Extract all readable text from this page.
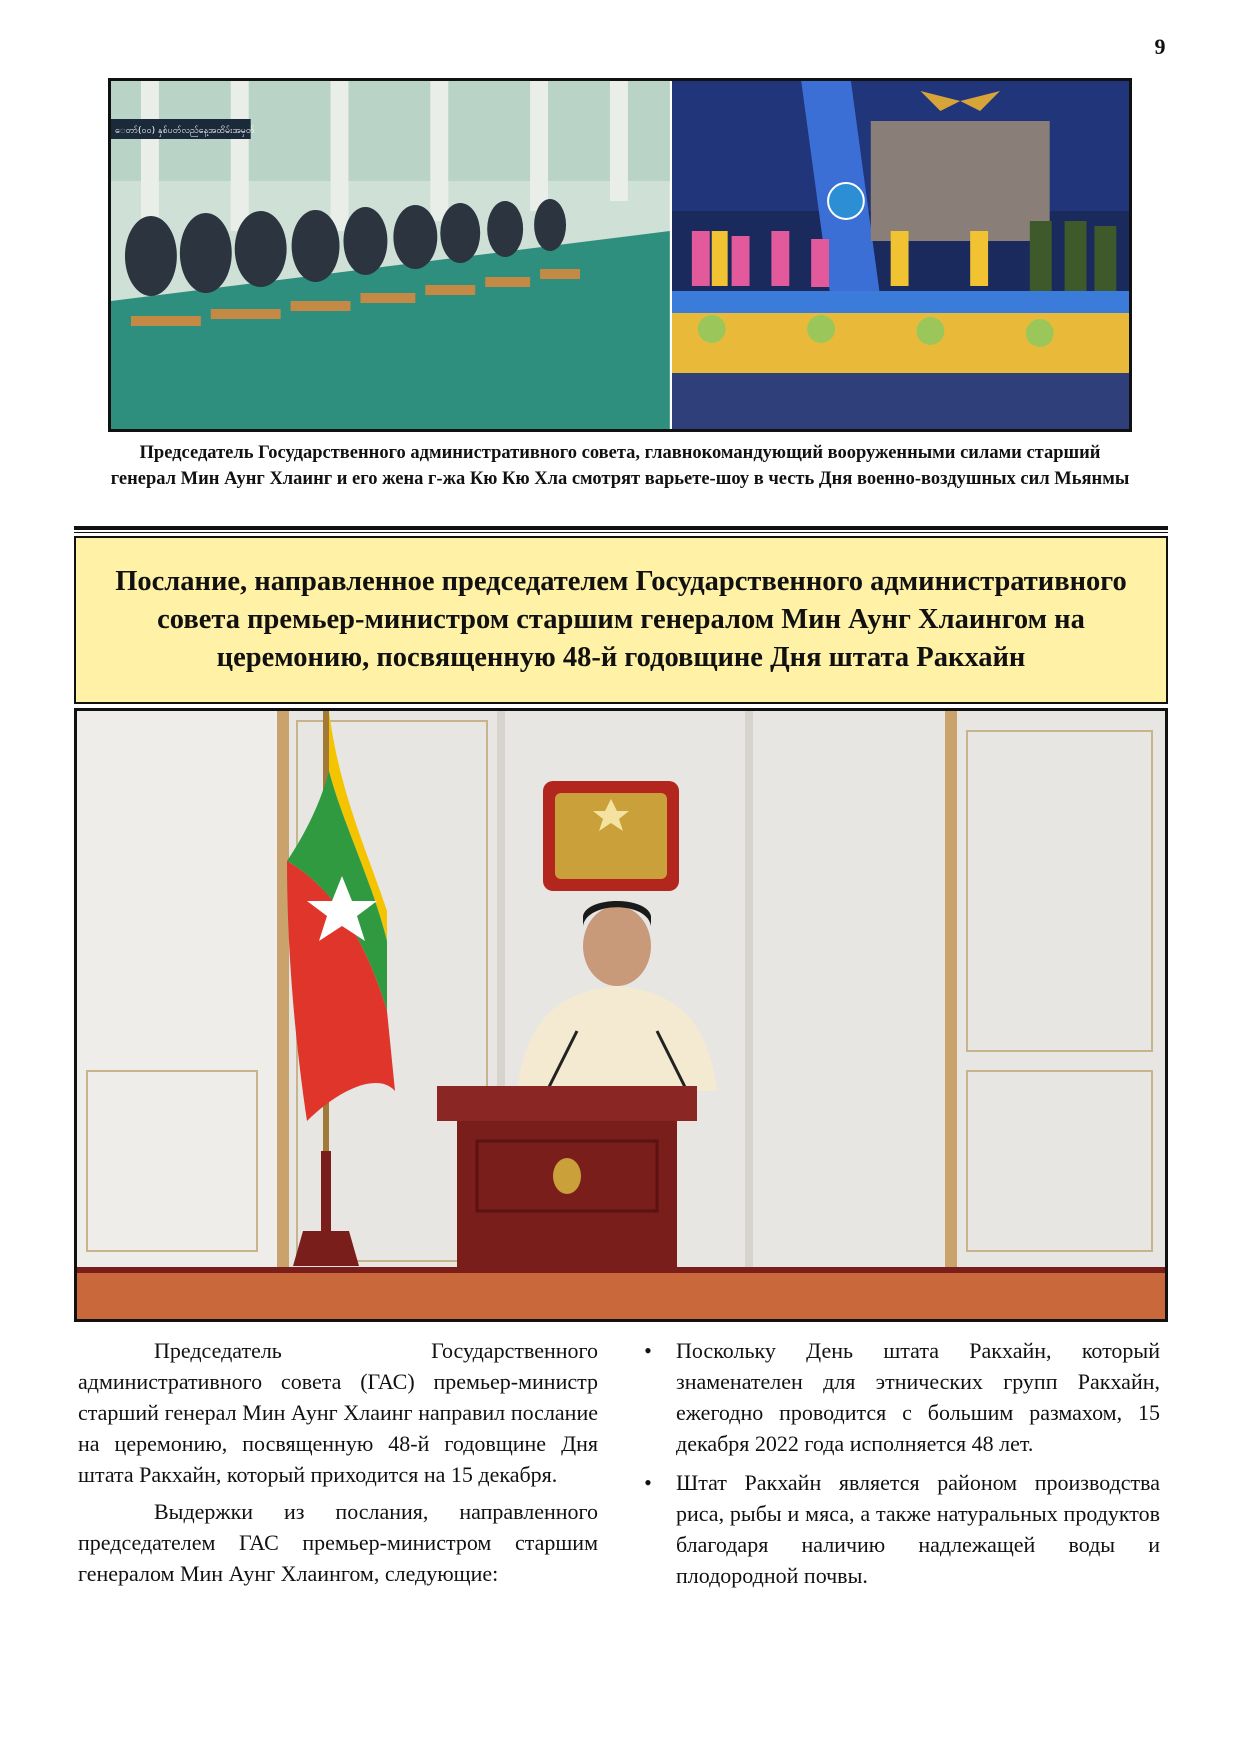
9
ေတာ်(၀၀) နှစ်ပတ်လည်နေ့အထိမ်းအမှတ်
Председатель Государственного административного совета, главнокомандующий вооруженными силами старший генерал Мин Аунг Хлаинг и его жена г-жа Кю Кю Хла смотрят варьете-шоу в честь Дня военно-воздушных сил Мьянмы
Послание, направленное председателем Государственного административного совета премьер-министром старшим генералом Мин Аунг Хлаингом на церемонию, посвященную 48-й годовщине Дня штата Ракхайн

Председатель Государственного административного совета (ГАС) премьер-министр старший генерал Мин Аунг Хлаинг направил послание на церемонию, посвященную 48-й годовщине Дня штата Ракхайн, который приходится на 15 декабря.

Выдержки из послания, направленного председателем ГАС премьер-министром старшим генералом Мин Аунг Хлаингом, следующие:

• Поскольку День штата Ракхайн, который знаменателен для этнических групп Ракхайн, ежегодно проводится с большим размахом, 15 декабря 2022 года исполняется 48 лет.
• Штат Ракхайн является районом производства риса, рыбы и мяса, а также натуральных продуктов благодаря наличию надлежащей воды и плодородной почвы.
